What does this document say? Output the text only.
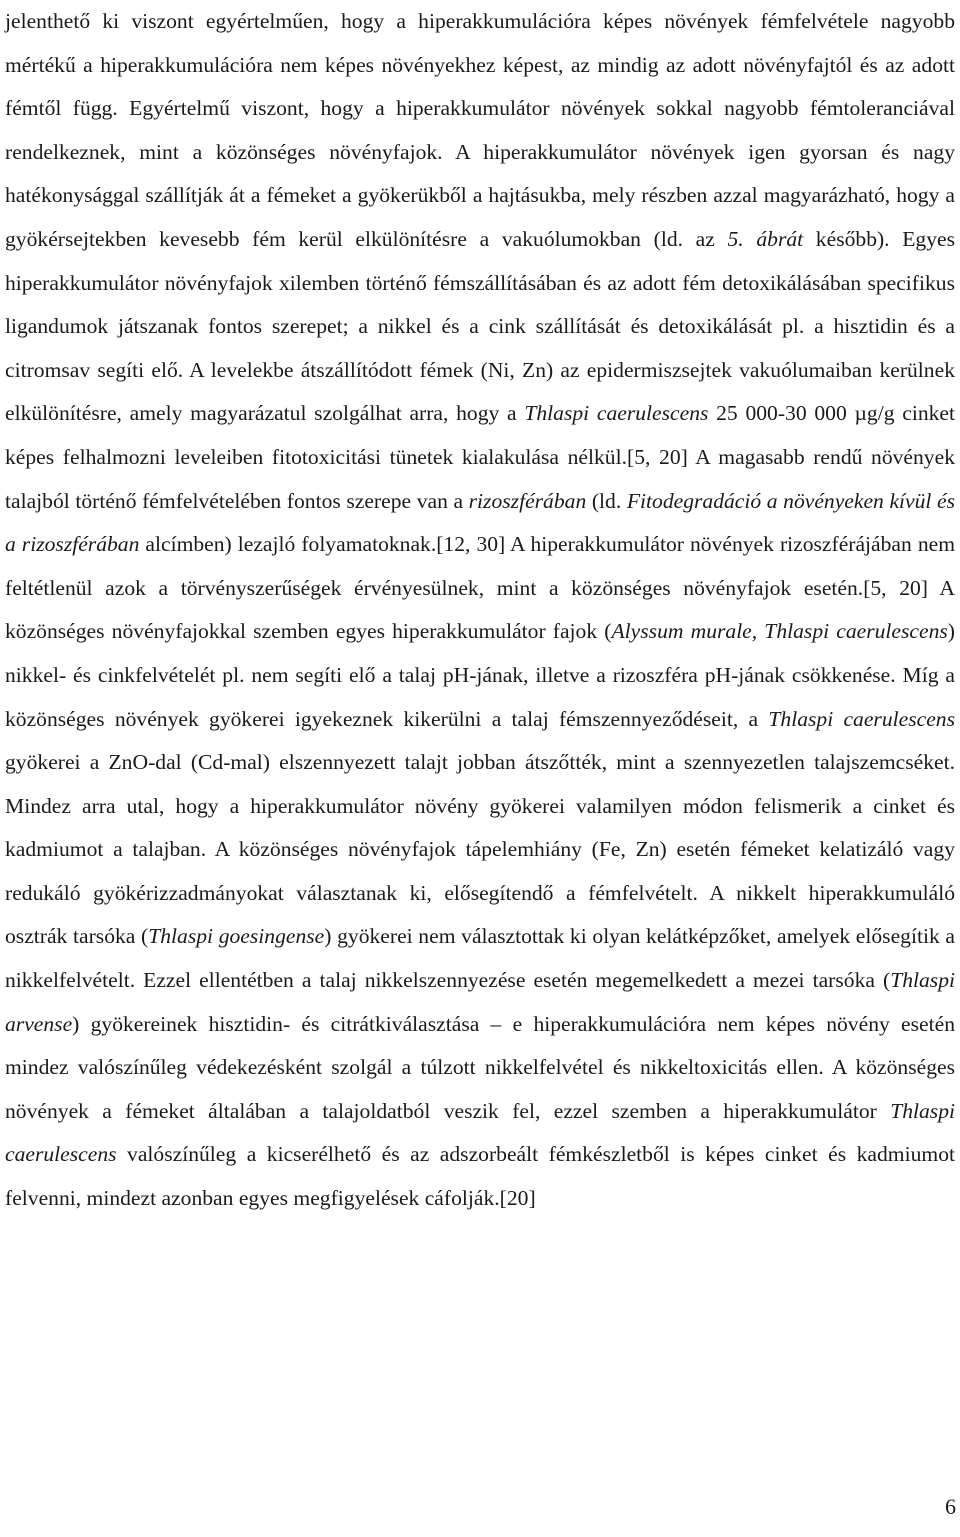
jelenthető ki viszont egyértelműen, hogy a hiperakkumulációra képes növények fémfelvétele nagyobb mértékű a hiperakkumulációra nem képes növényekhez képest, az mindig az adott növényfajtól és az adott fémtől függ. Egyértelmű viszont, hogy a hiperakkumulátor növények sokkal nagyobb fémtoleranciával rendelkeznek, mint a közönséges növényfajok. A hiperakkumulátor növények igen gyorsan és nagy hatékonysággal szállítják át a fémeket a gyökerükből a hajtásukba, mely részben azzal magyarázható, hogy a gyökérsejtekben kevesebb fém kerül elkülönítésre a vakuólumokban (ld. az 5. ábrát később). Egyes hiperakkumulátor növényfajok xilemben történő fémszállításában és az adott fém detoxikálásában specifikus ligandumok játszanak fontos szerepet; a nikkel és a cink szállítását és detoxikálását pl. a hisztidin és a citromsav segíti elő. A levelekbe átszállítódott fémek (Ni, Zn) az epidermiszsejtek vakuólumaiban kerülnek elkülönítésre, amely magyarázatul szolgálhat arra, hogy a Thlaspi caerulescens 25 000-30 000 µg/g cinket képes felhalmozni leveleiben fitotoxicitási tünetek kialakulása nélkül.[5, 20] A magasabb rendű növények talajból történő fémfelvételében fontos szerepe van a rizoszférában (ld. Fitodegradáció a növényeken kívül és a rizoszférában alcímben) lezajló folyamatoknak.[12, 30] A hiperakkumulátor növények rizoszférájában nem feltétlenül azok a törvényszerűségek érvényesülnek, mint a közönséges növényfajok esetén.[5, 20] A közönséges növényfajokkal szemben egyes hiperakkumulátor fajok (Alyssum murale, Thlaspi caerulescens) nikkel- és cinkfelvételét pl. nem segíti elő a talaj pH-jának, illetve a rizoszféra pH-jának csökkenése. Míg a közönséges növények gyökerei igyekeznek kikerülni a talaj fémszennyeződéseit, a Thlaspi caerulescens gyökerei a ZnO-dal (Cd-mal) elszennyezett talajt jobban átszőtték, mint a szennyezetlen talajszemcséket. Mindez arra utal, hogy a hiperakkumulátor növény gyökerei valamilyen módon felismerik a cinket és kadmiumot a talajban. A közönséges növényfajok tápelemhiány (Fe, Zn) esetén fémeket kelatizáló vagy redukáló gyökérizzadmányokat választanak ki, elősegítendő a fémfelvételt. A nikkelt hiperakkumuláló osztrák tarsóka (Thlaspi goesingense) gyökerei nem választottak ki olyan kelátképzőket, amelyek elősegítik a nikkelfelvételt. Ezzel ellentétben a talaj nikkelszennyezése esetén megemelkedett a mezei tarsóka (Thlaspi arvense) gyökereinek hisztidin- és citrátkiválasztása – e hiperakkumulációra nem képes növény esetén mindez valószínűleg védekezésként szolgál a túlzott nikkelfelvétel és nikkeltoxicitás ellen. A közönséges növények a fémeket általában a talajoldatból veszik fel, ezzel szemben a hiperakkumulátor Thlaspi caerulescens valószínűleg a kicserélhető és az adszorbeált fémkészletből is képes cinket és kadmiumot felvenni, mindezt azonban egyes megfigyelések cáfolják.[20]

6
